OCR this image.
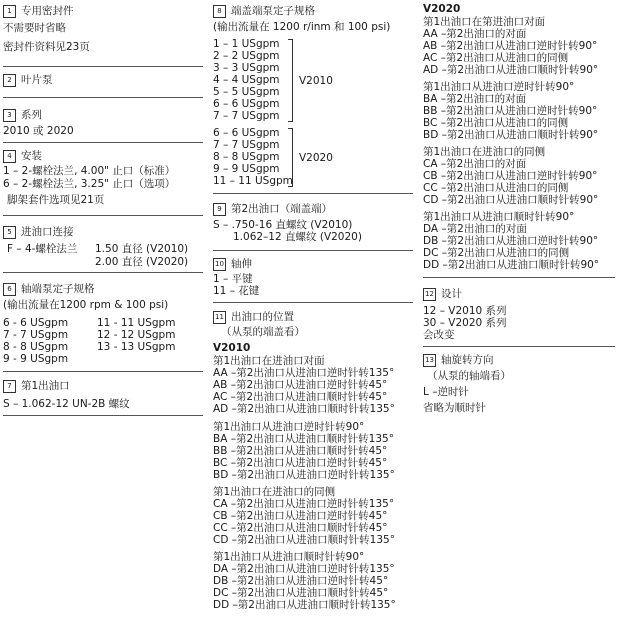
1 专用密封件
不需要时省略
密封件资料见23页
2 叶片泵
3 系列
2010 或 2020
4 安装
1 – 2-螺栓法兰, 4.00" 止口（标准）
6 – 2-螺栓法兰, 3.25" 止口（选项）
脚架套件选项见21页
5 进油口连接
F – 4-螺栓法兰 1.50 直径 (V2010)
2.00 直径 (V2020)
6 轴端泵定子规格
(输出流量在1200 rpm & 100 psi)
6 - 6 USgpm
7 - 7 USgpm
8 - 8 USgpm
9 - 9 USgpm
11 - 11 USgpm
12 - 12 USgpm
13 - 13 USgpm
7 第1出油口
S – 1.062-12 UN-2B 螺纹
8 端盖端泵定子规格
(输出流量在 1200 r/inm 和 100 psi)
1 – 1 USgpm
2 – 2 USgpm
3 – 3 USgpm
4 – 4 USgpm
5 – 5 USgpm
6 – 6 USgpm
7 – 7 USgpm
V2010
6 – 6 USgpm
7 – 7 USgpm
8 – 8 USgpm
9 – 9 USgpm
11 – 11 USgpm
V2020
9 第2出油口（端盖端）
S – .750-16 直螺纹 (V2010)
1.062–12 直螺纹 (V2020)
10 轴伸
1 – 平键
11 – 花键
11 出油口的位置
（从泵的端盖看）
V2010
第1出油口在进油口对面
AA –第2出油口从进油口逆时针转135°
AB –第2出油口从进油口逆时针转45°
AC –第2出油口从进油口顺时针转45°
AD –第2出油口从进油口顺时针转135°
第1出油口从进油口逆时针转90°
BA –第2出油口从进油口顺时针转135°
BB –第2出油口从进油口顺时针转45°
BC –第2出油口从进油口逆时针转45°
BD –第2出油口从进油口逆时针转135°
第1出油口在进油口的同侧
CA –第2出油口从进油口逆时针转135°
CB –第2出油口从进油口逆时针转45°
CC –第2出油口从进油口顺时针转45°
CD –第2出油口从进油口顺时针转135°
第1出油口从进油口顺时针转90°
DA –第2出油口从进油口逆时针转135°
DB –第2出油口从进油口逆时针转45°
DC –第2出油口从进油口顺时针转45°
DD –第2出油口从进油口顺时针转135°
V2020
第1出油口在第进油口对面
AA –第2出油口的对面
AB –第2出油口从进油口逆时针转90°
AC –第2出油口从进油口的同侧
AD –第2出油口从进油口顺时针转90°
第1出油口从进油口逆时针转90°
BA –第2出油口的对面
BB –第2出油口从进油口逆时针转90°
BC –第2出油口从进油口的同侧
BD –第2出油口从进油口顺时针转90°
第1出油口在进油口的同侧
CA –第2出油口的对面
CB –第2出油口从进油口逆时针转90°
CC –第2出油口从进油口的同侧
CD –第2出油口从进油口顺时针转90°
第1出油口从进油口顺时针转90°
DA –第2出油口的对面
DB –第2出油口从进油口逆时针转90°
DC –第2出油口从进油口的同侧
DD –第2出油口从进油口顺时针转90°
12 设计
12 – V2010 系列
30 – V2020 系列
会改变
13 轴旋转方向
（从泵的轴端看）
L –逆时针
省略为顺时针
